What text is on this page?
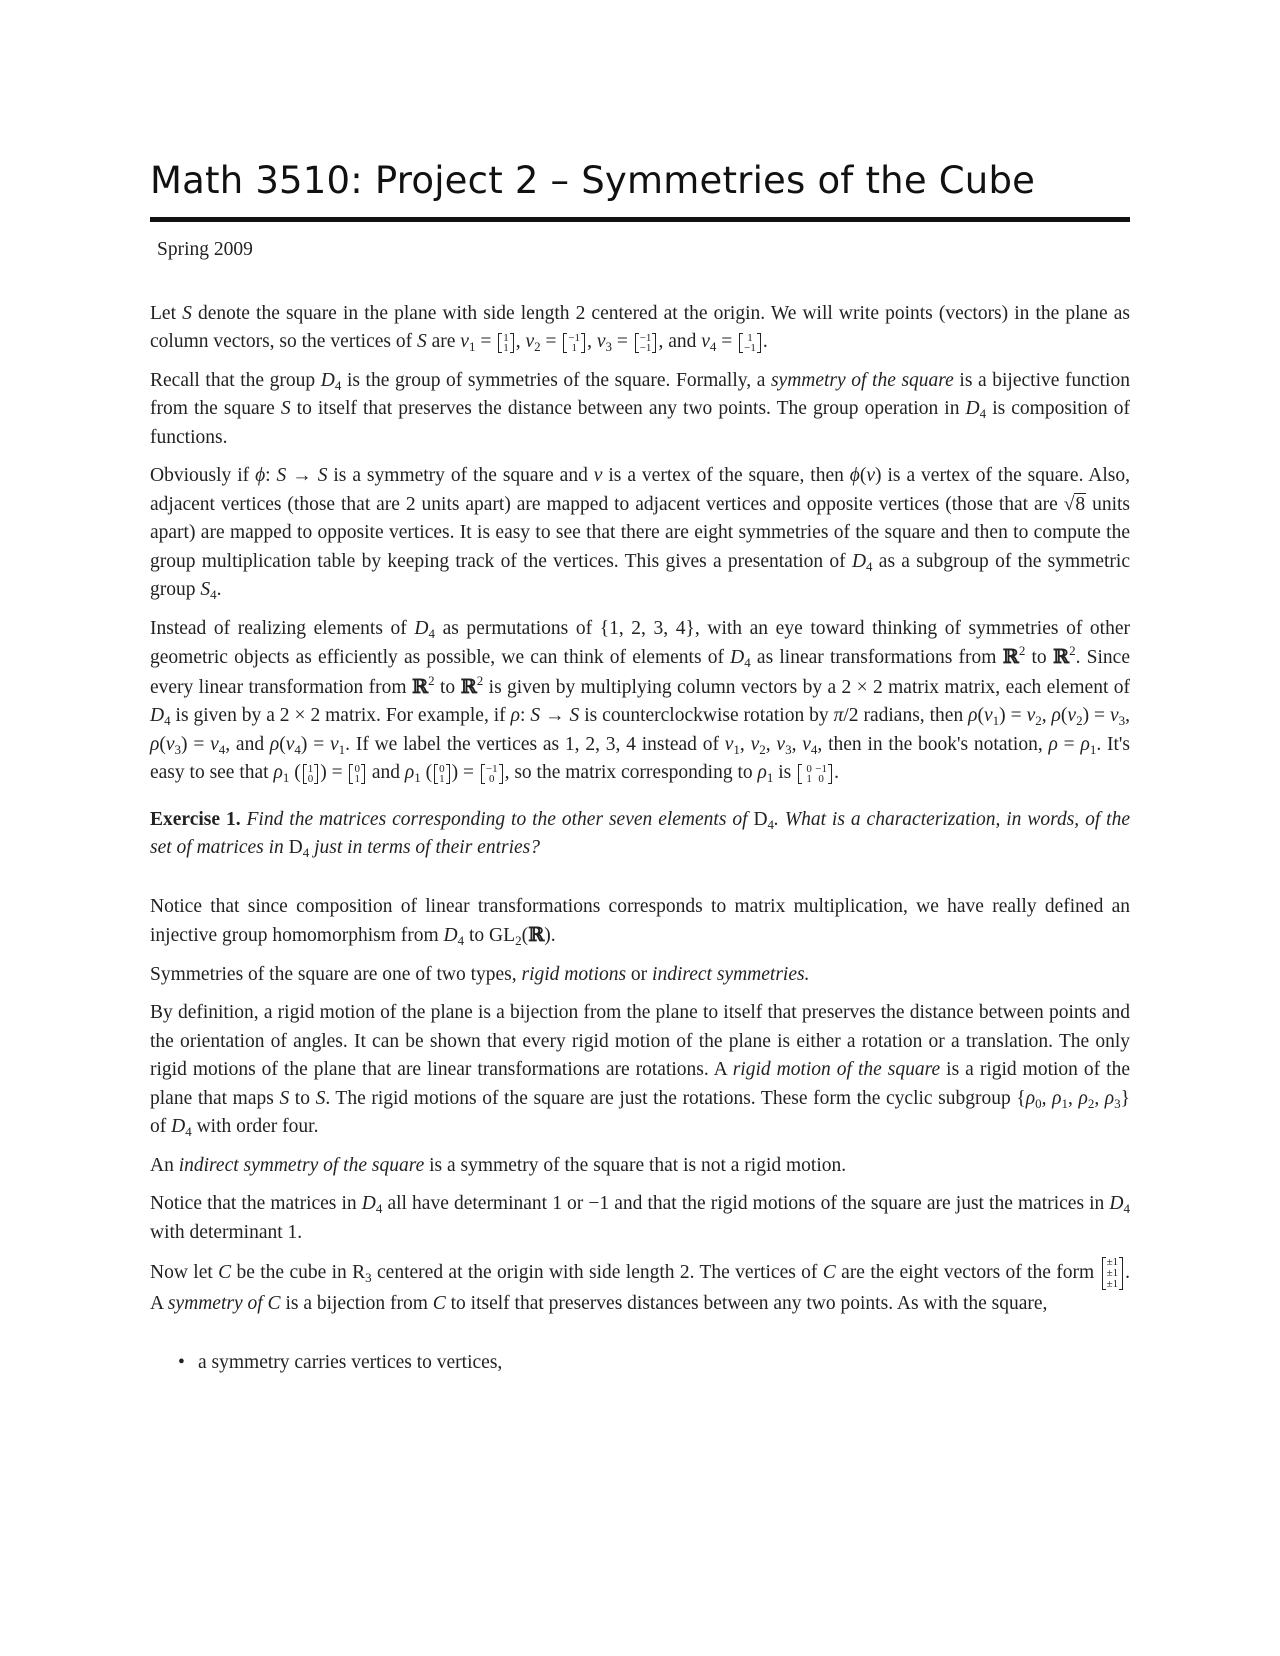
Math 3510: Project 2 – Symmetries of the Cube
Spring 2009

Let S denote the square in the plane with side length 2 centered at the origin. We will write points (vectors) in the plane as column vectors, so the vertices of S are $v_1 = 1$
1 , $v_2 = -1$
1 , $v_3 = -1$
−1 , and $v_4 = 1$
−1 .

Recall that the group $D_4$ is the group of symmetries of the square. Formally, a symmetry of the square is a bijective function from the square S to itself that preserves the distance between any two points. The group operation in $D_4$ is composition of functions.

Obviously if ϕ: S → S is a symmetry of the square and v is a vertex of the square, then ϕ(v) is a vertex of the square. Also, adjacent vertices (those that are 2 units apart) are mapped to adjacent vertices and opposite vertices (those that are √8 units apart) are mapped to opposite vertices. It is easy to see that there are eight symmetries of the square and then to compute the group multiplication table by keeping track of the vertices. This gives a presentation of $D_4$ as a subgroup of the symmetric group $S_4$.

Instead of realizing elements of $D_4$ as permutations of {1, 2, 3, 4}, with an eye toward thinking of symmetries of other geometric objects as efficiently as possible, we can think of elements of $D_4$ as linear transformations from ℝ$^2$ to ℝ$^2$. Since every linear transformation from ℝ$^2$ to ℝ$^2$ is given by multiplying column vectors by a 2 × 2 matrix matrix, each element of $D_4$ is given by a 2 × 2 matrix. For example, if ρ: S → S is counterclockwise rotation by π/2 radians, then $\rho(v_1) = v_2$, $\rho(v_2) = v_3$, $\rho(v_3) = v_4$, and $\rho(v_4) = v_1$. If we label the vertices as 1, 2, 3, 4 instead of $v_1$, $v_2$, $v_3$, $v_4$, then in the book's notation, $\rho = \rho_1$. It's easy to see that $\rho_1$ ( 1
0 ) = 0
1 and $\rho_1$ ( 0
1 ) = −1
0 , so the matrix corresponding to $\rho_1$ is 0 −1
1 0 .

Exercise 1. Find the matrices corresponding to the other seven elements of $D_4$. What is a characterization, in words, of the set of matrices in $D_4$ just in terms of their entries?

Notice that since composition of linear transformations corresponds to matrix multiplication, we have really defined an injective group homomorphism from $D_4$ to $GL_2(ℝ)$.

Symmetries of the square are one of two types, rigid motions or indirect symmetries.

By definition, a rigid motion of the plane is a bijection from the plane to itself that preserves the distance between points and the orientation of angles. It can be shown that every rigid motion of the plane is either a rotation or a translation. The only rigid motions of the plane that are linear transformations are rotations. A rigid motion of the square is a rigid motion of the plane that maps S to S. The rigid motions of the square are just the rotations. These form the cyclic subgroup {$\rho_0$, $\rho_1$, $\rho_2$, $\rho_3$} of $D_4$ with order four.

An indirect symmetry of the square is a symmetry of the square that is not a rigid motion.

Notice that the matrices in $D_4$ all have determinant 1 or −1 and that the rigid motions of the square are just the matrices in $D_4$ with determinant 1.

Now let C be the cube in $R_3$ centered at the origin with side length 2. The vertices of C are the eight vectors of the form ±1
±1
±1
. A symmetry of C is a bijection from C to itself that preserves distances between any two points. As with the square,

• a symmetry carries vertices to vertices,
